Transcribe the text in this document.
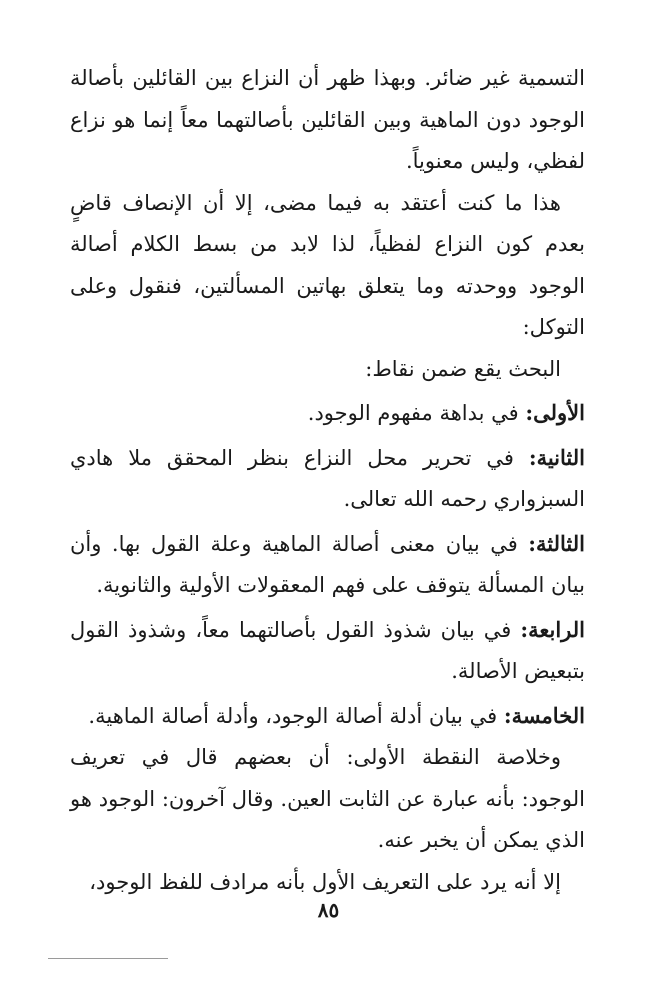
التسمية غير ضائر. وبهذا ظهر أن النزاع بين القائلين بأصالة الوجود دون الماهية وبين القائلين بأصالتهما معاً إنما هو نزاع لفظي، وليس معنوياً.

هذا ما كنت أعتقد به فيما مضى، إلا أن الإنصاف قاضٍ بعدم كون النزاع لفظياً، لذا لابد من بسط الكلام أصالة الوجود ووحدته وما يتعلق بهاتين المسألتين، فنقول وعلى التوكل:

البحث يقع ضمن نقاط:

الأولى: في بداهة مفهوم الوجود.

الثانية: في تحرير محل النزاع بنظر المحقق ملا هادي السبزواري رحمه الله تعالى.

الثالثة: في بيان معنى أصالة الماهية وعلة القول بها. وأن بيان المسألة يتوقف على فهم المعقولات الأولية والثانوية.

الرابعة: في بيان شذوذ القول بأصالتهما معاً، وشذوذ القول بتبعيض الأصالة.

الخامسة: في بيان أدلة أصالة الوجود، وأدلة أصالة الماهية.

وخلاصة النقطة الأولى: أن بعضهم قال في تعريف الوجود: بأنه عبارة عن الثابت العين. وقال آخرون: الوجود هو الذي يمكن أن يخبر عنه.

إلا أنه يرد على التعريف الأول بأنه مرادف للفظ الوجود،

٨٥
